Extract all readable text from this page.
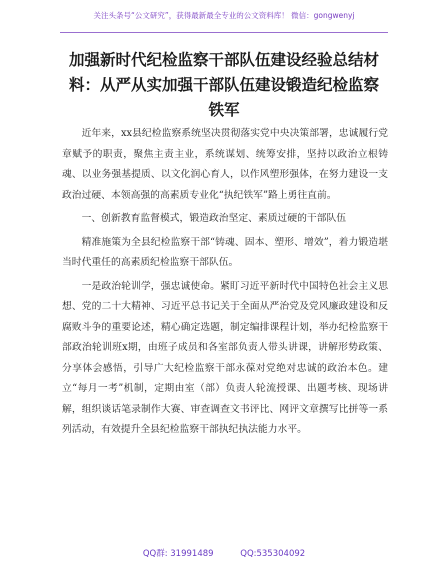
关注头条号“公文研究”，获得最新最全专业的公文资料库！ 微信：gongwenyj
加强新时代纪检监察干部队伍建设经验总结材料：从严从实加强干部队伍建设锻造纪检监察铁军

近年来，xx县纪检监察系统坚决贯彻落实党中央决策部署，忠诚履行党章赋予的职责，聚焦主责主业，系统谋划、统筹安排，坚持以政治立根铸魂、以业务强基提质、以文化润心育人，以作风塑形强体，在努力建设一支政治过硬、本领高强的高素质专业化“执纪铁军”路上勇往直前。

一、创新教育监督模式，锻造政治坚定、素质过硬的干部队伍

精准施策为全县纪检监察干部“铸魂、固本、塑形、增效”，着力锻造堪当时代重任的高素质纪检监察干部队伍。

一是政治轮训学，强忠诚使命。紧盯习近平新时代中国特色社会主义思想、党的二十大精神、习近平总书记关于全面从严治党及党风廉政建设和反腐败斗争的重要论述，精心确定选题，制定编排课程计划，举办纪检监察干部政治轮训班x期，由班子成员和各室部负责人带头讲课，讲解形势政策、分享体会感悟，引导广大纪检监察干部永葆对党绝对忠诚的政治本色。建立“每月一考”机制，定期由室（部）负责人轮流授课、出题考核、现场讲解，组织谈话笔录制作大赛、审查调查文书评比、网评文章撰写比拼等一系列活动，有效提升全县纪检监察干部执纪执法能力水平。

QQ群: 31991489	QQ:535304092
